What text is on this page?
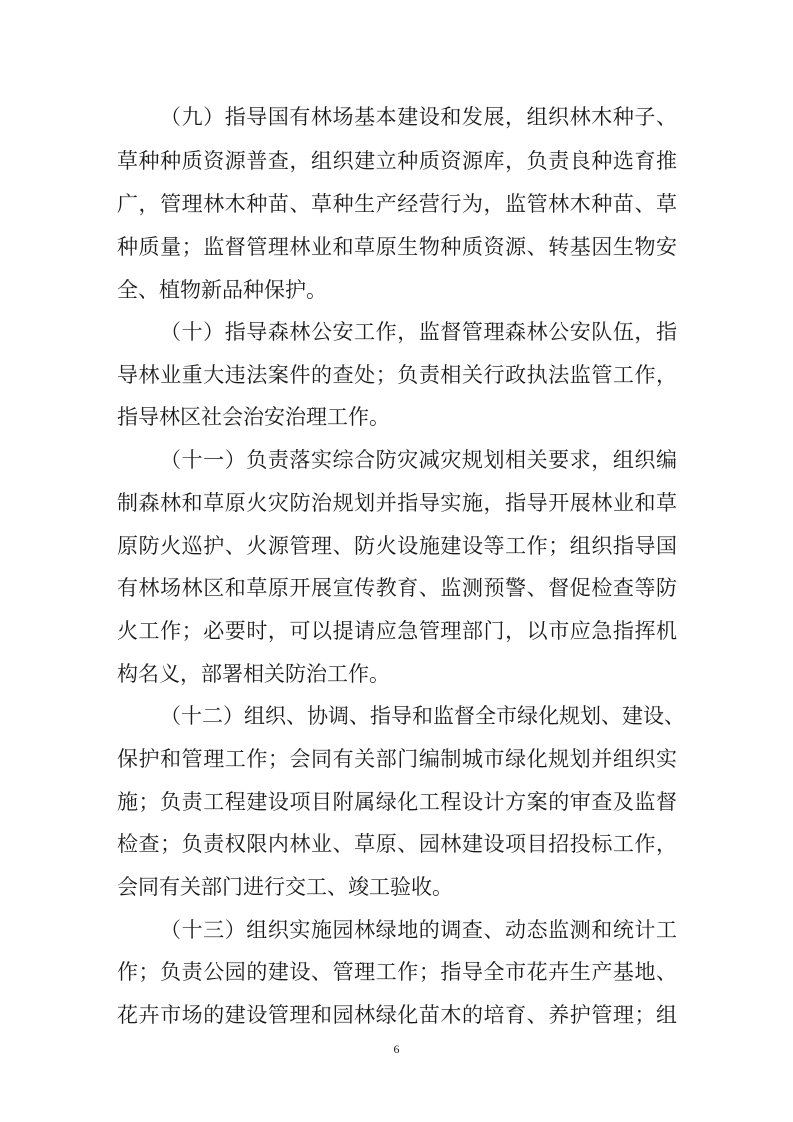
（九）指导国有林场基本建设和发展，组织林木种子、
草种种质资源普查，组织建立种质资源库，负责良种选育推
广，管理林木种苗、草种生产经营行为，监管林木种苗、草
种质量；监督管理林业和草原生物种质资源、转基因生物安
全、植物新品种保护。
（十）指导森林公安工作，监督管理森林公安队伍，指
导林业重大违法案件的查处；负责相关行政执法监管工作，
指导林区社会治安治理工作。
（十一）负责落实综合防灾减灾规划相关要求，组织编
制森林和草原火灾防治规划并指导实施，指导开展林业和草
原防火巡护、火源管理、防火设施建设等工作；组织指导国
有林场林区和草原开展宣传教育、监测预警、督促检查等防
火工作；必要时，可以提请应急管理部门，以市应急指挥机
构名义，部署相关防治工作。
（十二）组织、协调、指导和监督全市绿化规划、建设、
保护和管理工作；会同有关部门编制城市绿化规划并组织实
施；负责工程建设项目附属绿化工程设计方案的审查及监督
检查；负责权限内林业、草原、园林建设项目招投标工作，
会同有关部门进行交工、竣工验收。
（十三）组织实施园林绿地的调查、动态监测和统计工
作；负责公园的建设、管理工作；指导全市花卉生产基地、
花卉市场的建设管理和园林绿化苗木的培育、养护管理；组
6
